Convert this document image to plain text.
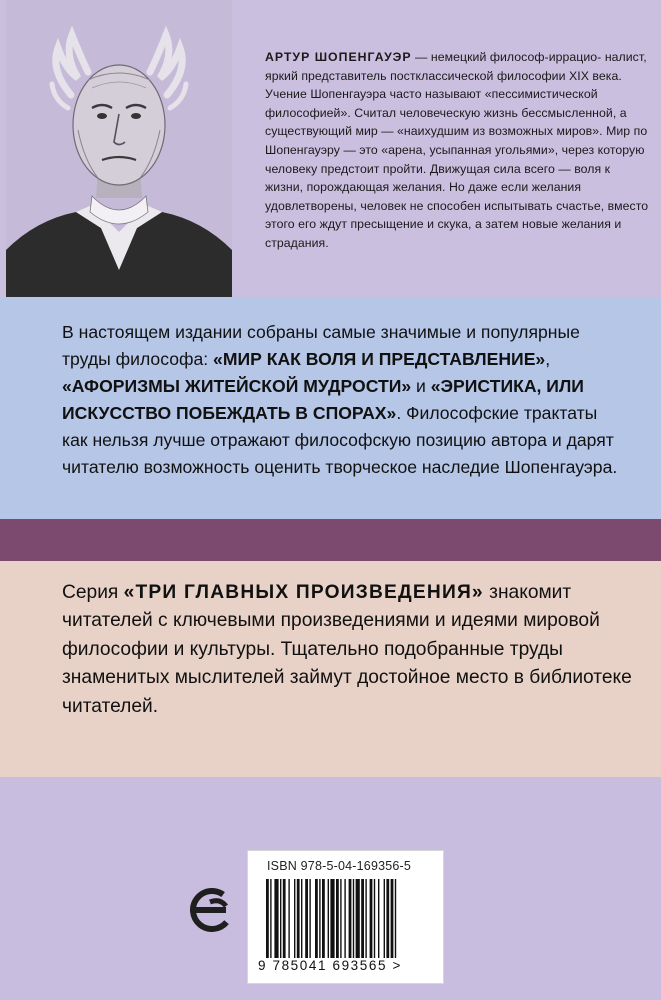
АРТУР ШОПЕНГАУЭР — немецкий философ-иррацио- налист, яркий представитель постклассической философии XIX века. Учение Шопенгауэра часто называют «пессимистической философией». Считал человеческую жизнь бессмысленной, а существующий мир — «наихудшим из возможных миров». Мир по Шопенгауэру — это «арена, усыпанная угольями», через которую человеку предстоит пройти. Движущая сила всего — воля к жизни, порождающая желания. Но даже если желания удовлетворены, человек не способен испытывать счастье, вместо этого его ждут пресыщение и скука, а затем новые желания и страдания.
В настоящем издании собраны самые значимые и популярные труды философа: «МИР КАК ВОЛЯ И ПРЕДСТАВЛЕНИЕ», «АФОРИЗМЫ ЖИТЕЙСКОЙ МУДРОСТИ» и «ЭРИСТИКА, ИЛИ ИСКУССТВО ПОБЕЖДАТЬ В СПОРАХ». Философские трактаты как нельзя лучше отражают философскую позицию автора и дарят читателю возможность оценить творческое наследие Шопенгауэра.
Серия «ТРИ ГЛАВНЫХ ПРОИЗВЕДЕНИЯ» знакомит читателей с ключевыми произведениями и идеями мировой философии и культуры. Тщательно подобранные труды знаменитых мыслителей займут достойное место в библиотеке читателей.
ISBN 978-5-04-169356-5
9 785041 693565 >
